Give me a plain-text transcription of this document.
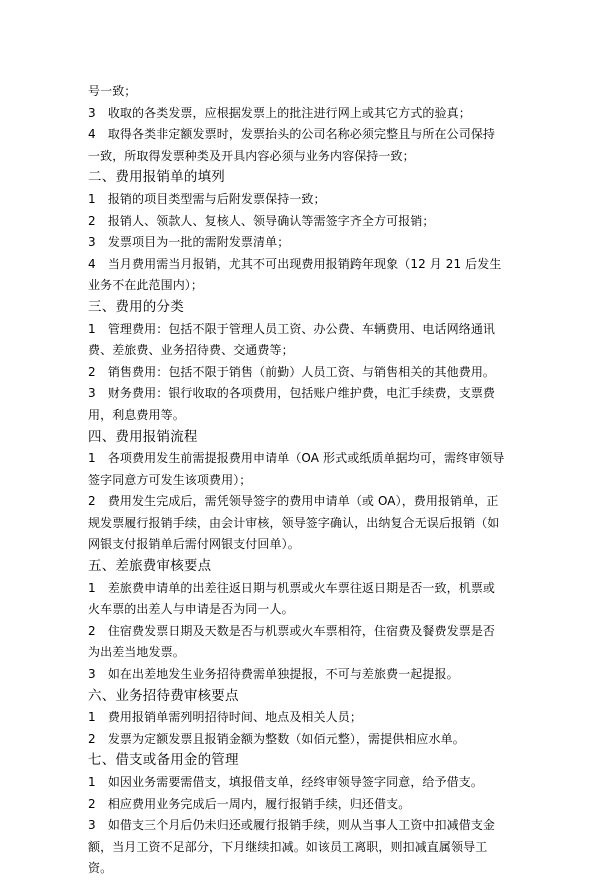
号一致；
3　收取的各类发票，应根据发票上的批注进行网上或其它方式的验真；
4　取得各类非定额发票时，发票抬头的公司名称必须完整且与所在公司保持
一致，所取得发票种类及开具内容必须与业务内容保持一致；
二、费用报销单的填列
1　报销的项目类型需与后附发票保持一致；
2　报销人、领款人、复核人、领导确认等需签字齐全方可报销；
3　发票项目为一批的需附发票清单；
4　当月费用需当月报销，尤其不可出现费用报销跨年现象（12 月 21 后发生
业务不在此范围内）；
三、费用的分类
1　管理费用：包括不限于管理人员工资、办公费、车辆费用、电话网络通讯
费、差旅费、业务招待费、交通费等；
2　销售费用：包括不限于销售（前勤）人员工资、与销售相关的其他费用。
3　财务费用：银行收取的各项费用，包括账户维护费，电汇手续费，支票费
用，利息费用等。
四、费用报销流程
1　各项费用发生前需提报费用申请单（OA 形式或纸质单据均可，需终审领导
签字同意方可发生该项费用）；
2　费用发生完成后，需凭领导签字的费用申请单（或 OA），费用报销单，正
规发票履行报销手续，由会计审核，领导签字确认，出纳复合无误后报销（如
网银支付报销单后需付网银支付回单）。
五、差旅费审核要点
1　差旅费申请单的出差往返日期与机票或火车票往返日期是否一致，机票或
火车票的出差人与申请是否为同一人。
2　住宿费发票日期及天数是否与机票或火车票相符，住宿费及餐费发票是否
为出差当地发票。
3　如在出差地发生业务招待费需单独提报，不可与差旅费一起提报。
六、业务招待费审核要点
1　费用报销单需列明招待时间、地点及相关人员；
2　发票为定额发票且报销金额为整数（如佰元整），需提供相应水单。
七、借支或备用金的管理
1　如因业务需要需借支，填报借支单，经终审领导签字同意，给予借支。
2　相应费用业务完成后一周内，履行报销手续，归还借支。
3　如借支三个月后仍未归还或履行报销手续，则从当事人工资中扣减借支金
额，当月工资不足部分，下月继续扣减。如该员工离职，则扣减直属领导工
资。
